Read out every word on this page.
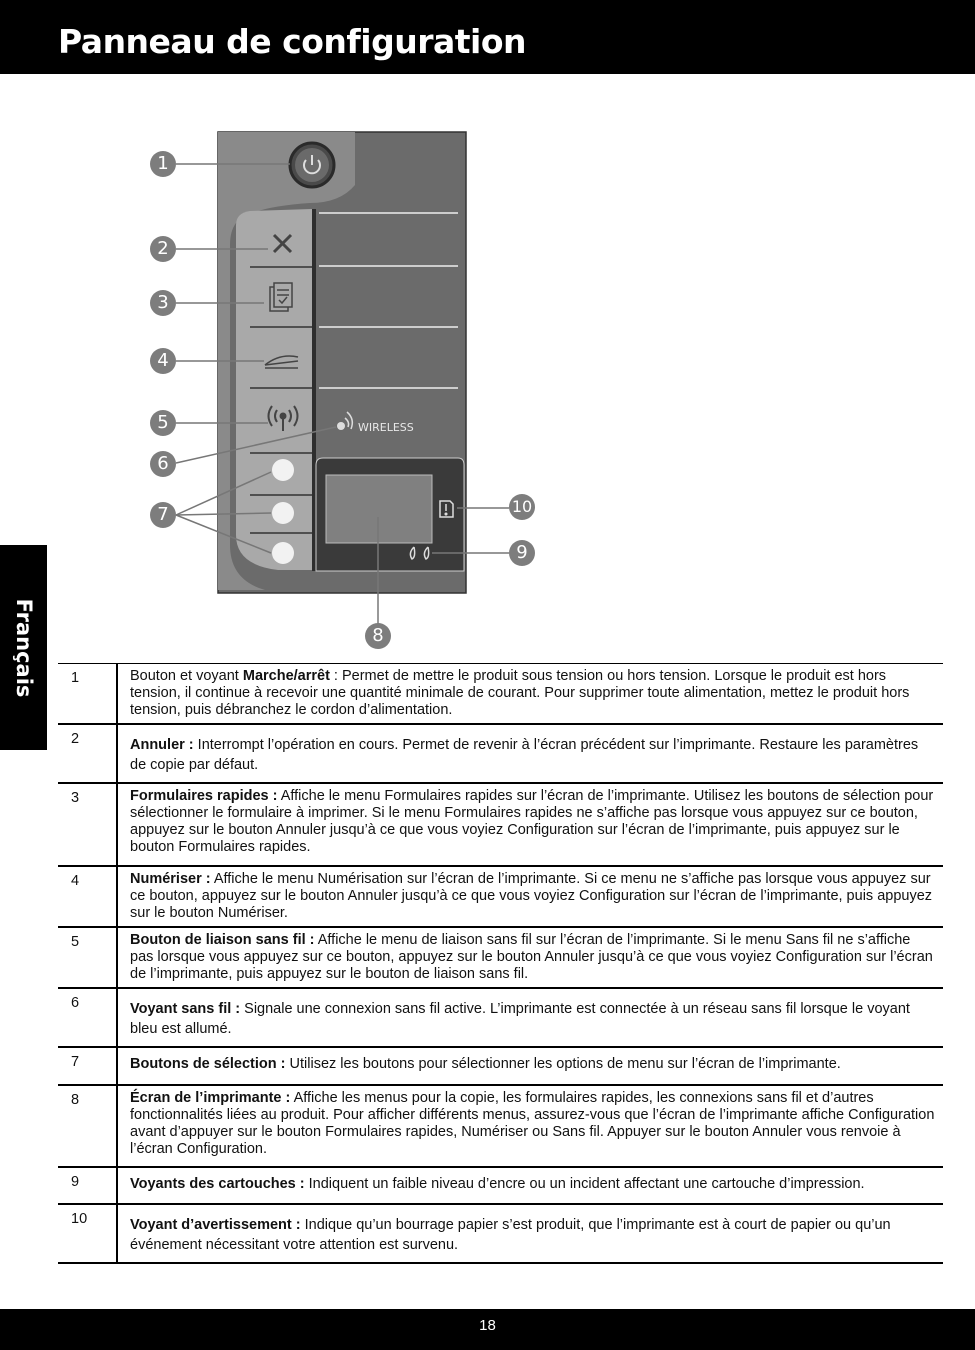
Panneau de configuration
Français
WIRELESS
1
2
3
4
5
6
7
8
9
10
1	Bouton et voyant Marche/arrêt : Permet de mettre le produit sous tension ou hors tension. Lorsque le produit est hors tension, il continue à recevoir une quantité minimale de courant. Pour supprimer toute alimentation, mettez le produit hors tension, puis débranchez le cordon d’alimentation.
2	Annuler : Interrompt l’opération en cours. Permet de revenir à l’écran précédent sur l’imprimante. Restaure les paramètres de copie par défaut.
3	Formulaires rapides : Affiche le menu Formulaires rapides sur l’écran de l’imprimante. Utilisez les boutons de sélection pour sélectionner le formulaire à imprimer. Si le menu Formulaires rapides ne s’affiche pas lorsque vous appuyez sur ce bouton, appuyez sur le bouton Annuler jusqu’à ce que vous voyiez Configuration sur l’écran de l’imprimante, puis appuyez sur le bouton Formulaires rapides.
4	Numériser : Affiche le menu Numérisation sur l’écran de l’imprimante. Si ce menu ne s’affiche pas lorsque vous appuyez sur ce bouton, appuyez sur le bouton Annuler jusqu’à ce que vous voyiez Configuration sur l’écran de l’imprimante, puis appuyez sur le bouton Numériser.
5	Bouton de liaison sans fil : Affiche le menu de liaison sans fil sur l’écran de l’imprimante. Si le menu Sans fil ne s’affiche pas lorsque vous appuyez sur ce bouton, appuyez sur le bouton Annuler jusqu’à ce que vous voyiez Configuration sur l’écran de l’imprimante, puis appuyez sur le bouton de liaison sans fil.
6	Voyant sans fil : Signale une connexion sans fil active. L’imprimante est connectée à un réseau sans fil lorsque le voyant bleu est allumé.
7	Boutons de sélection : Utilisez les boutons pour sélectionner les options de menu sur l’écran de l’imprimante.
8	Écran de l’imprimante : Affiche les menus pour la copie, les formulaires rapides, les connexions sans fil et d’autres fonctionnalités liées au produit. Pour afficher différents menus, assurez-vous que l’écran de l’imprimante affiche Configuration avant d’appuyer sur le bouton Formulaires rapides, Numériser ou Sans fil. Appuyer sur le bouton Annuler vous renvoie à l’écran Configuration.
9	Voyants des cartouches : Indiquent un faible niveau d’encre ou un incident affectant une cartouche d’impression.
10	Voyant d’avertissement : Indique qu’un bourrage papier s’est produit, que l’imprimante est à court de papier ou qu’un événement nécessitant votre attention est survenu.
18
